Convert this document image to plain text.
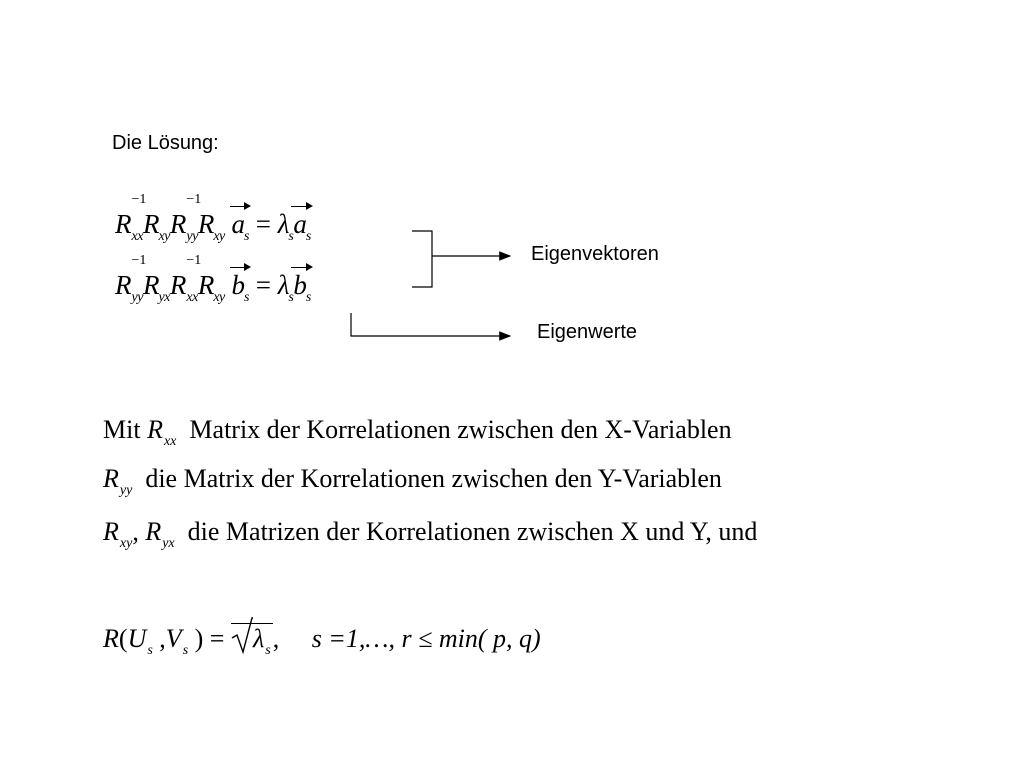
Die Lösung:
R
−1
$_{xx}R_{xy}R$
−1
$_{yy}R_{xy}$ $a_s = \lambda_sa_s$
R
−1
$_{yy}R_{yx}R$
−1
$_{xx}R_{xy}$ $b_s = \lambda_sb_s$
Eigenvektoren
Eigenwerte
Mit $R_{xx}$ Matrix der Korrelationen zwischen den X-Variablen
$R_{yy}$ die Matrix der Korrelationen zwischen den Y-Variablen
$R_{xy}$, $R_{yx}$ die Matrizen der Korrelationen zwischen X und Y, und
$R(U_s$ $,V_s$ ) =
$\lambda_s$,     s =1,…, r ≤ min( p, q)
